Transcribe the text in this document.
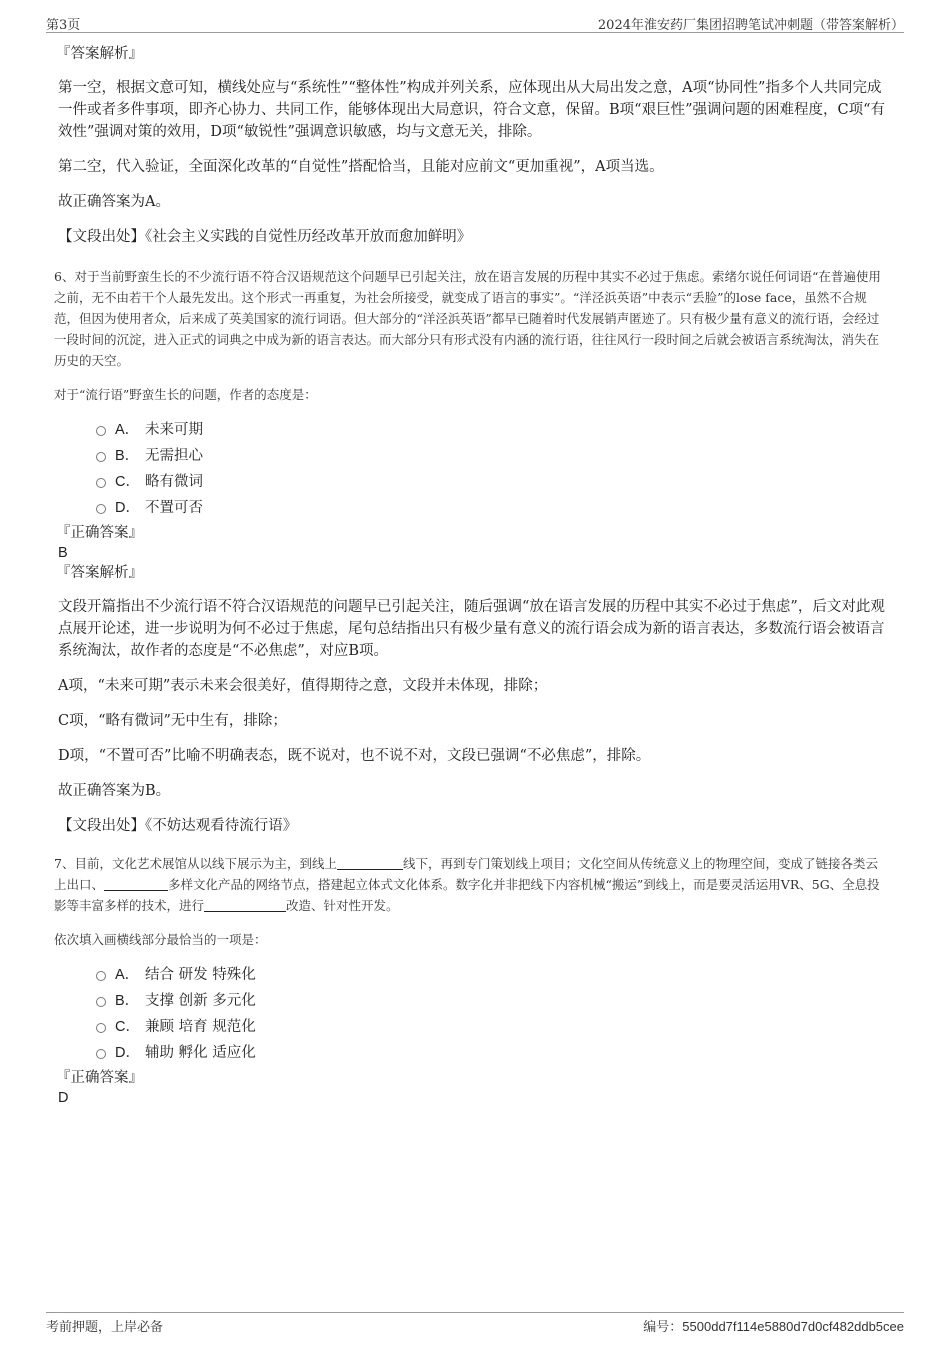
第3页	2024年淮安药厂集团招聘笔试冲刺题（带答案解析）

『答案解析』

第一空，根据文意可知，横线处应与“系统性”“整体性”构成并列关系，应体现出从大局出发之意，A项“协同性”指多个人共同完成一件或者多件事项，即齐心协力、共同工作，能够体现出大局意识，符合文意，保留。B项“艰巨性”强调问题的困难程度，C项“有效性”强调对策的效用，D项“敏锐性”强调意识敏感，均与文意无关，排除。

第二空，代入验证，全面深化改革的“自觉性”搭配恰当，且能对应前文“更加重视”，A项当选。

故正确答案为A。

【文段出处】《社会主义实践的自觉性历经改革开放而愈加鲜明》

6、对于当前野蛮生长的不少流行语不符合汉语规范这个问题早已引起关注，放在语言发展的历程中其实不必过于焦虑。索绪尔说任何词语“在普遍使用之前，无不由若干个人最先发出。这个形式一再重复，为社会所接受，就变成了语言的事实”。“洋泾浜英语”中表示“丢脸”的lose face，虽然不合规范，但因为使用者众，后来成了英美国家的流行词语。但大部分的“洋泾浜英语”都早已随着时代发展销声匿迹了。只有极少量有意义的流行语，会经过一段时间的沉淀，进入正式的词典之中成为新的语言表达。而大部分只有形式没有内涵的流行语，往往风行一段时间之后就会被语言系统淘汰，消失在历史的天空。

对于“流行语”野蛮生长的问题，作者的态度是：

A． 未来可期
B． 无需担心
C． 略有微词
D． 不置可否

『正确答案』

B

『答案解析』

文段开篇指出不少流行语不符合汉语规范的问题早已引起关注，随后强调“放在语言发展的历程中其实不必过于焦虑”，后文对此观点展开论述，进一步说明为何不必过于焦虑，尾句总结指出只有极少量有意义的流行语会成为新的语言表达，多数流行语会被语言系统淘汰，故作者的态度是“不必焦虑”，对应B项。

A项，“未来可期”表示未来会很美好，值得期待之意，文段并未体现，排除；

C项，“略有微词”无中生有，排除；

D项，“不置可否”比喻不明确表态，既不说对，也不说不对，文段已强调“不必焦虑”，排除。

故正确答案为B。

【文段出处】《不妨达观看待流行语》

7、目前，文化艺术展馆从以线下展示为主，到线上	线下，再到专门策划线上项目；文化空间从传统意义上的物理空间，变成了链接各类云上出口、	多样文化产品的网络节点，搭建起立体式文化体系。数字化并非把线下内容机械“搬运”到线上，而是要灵活运用VR、5G、全息投影等丰富多样的技术，进行	改造、针对性开发。

依次填入画横线部分最恰当的一项是：

A． 结合 研发 特殊化
B． 支撑 创新 多元化
C． 兼顾 培育 规范化
D． 辅助 孵化 适应化

『正确答案』

D

考前押题，上岸必备	编号：5500dd7f114e5880d7d0cf482ddb5cee
